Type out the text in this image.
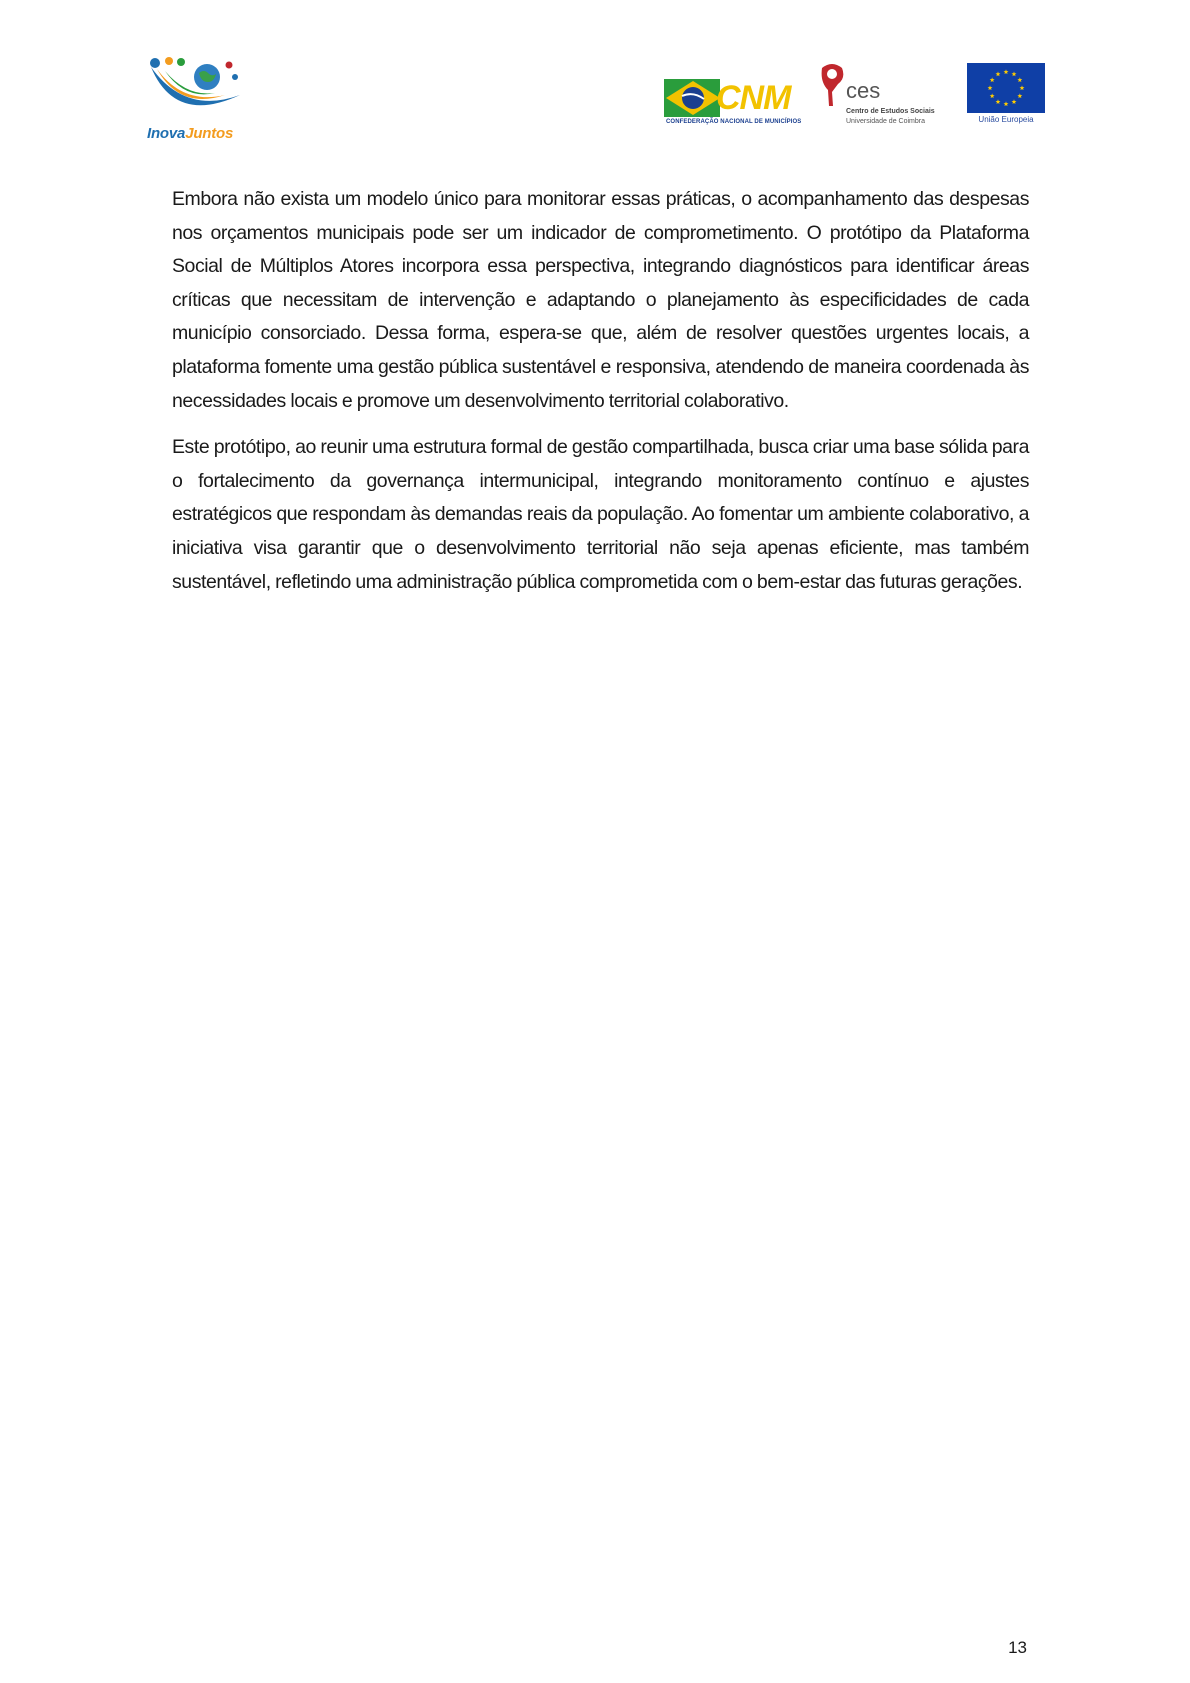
InovaJuntos
CNM
CONFEDERAÇÃO NACIONAL DE MUNICÍPIOS
ces
Centro de Estudos Sociais
Universidade de Coimbra	União Europeia

Embora não exista um modelo único para monitorar essas práticas, o acompanhamento das despesas nos orçamentos municipais pode ser um indicador de comprometimento. O protótipo da Plataforma Social de Múltiplos Atores incorpora essa perspectiva, integrando diagnósticos para identificar áreas críticas que necessitam de intervenção e adaptando o planejamento às especificidades de cada município consorciado. Dessa forma, espera-se que, além de resolver questões urgentes locais, a plataforma fomente uma gestão pública sustentável e responsiva, atendendo de maneira coordenada às necessidades locais e promove um desenvolvimento territorial colaborativo.

Este protótipo, ao reunir uma estrutura formal de gestão compartilhada, busca criar uma base sólida para o fortalecimento da governança intermunicipal, integrando monitoramento contínuo e ajustes estratégicos que respondam às demandas reais da população. Ao fomentar um ambiente colaborativo, a iniciativa visa garantir que o desenvolvimento territorial não seja apenas eficiente, mas também sustentável, refletindo uma administração pública comprometida com o bem-estar das futuras gerações.

13
